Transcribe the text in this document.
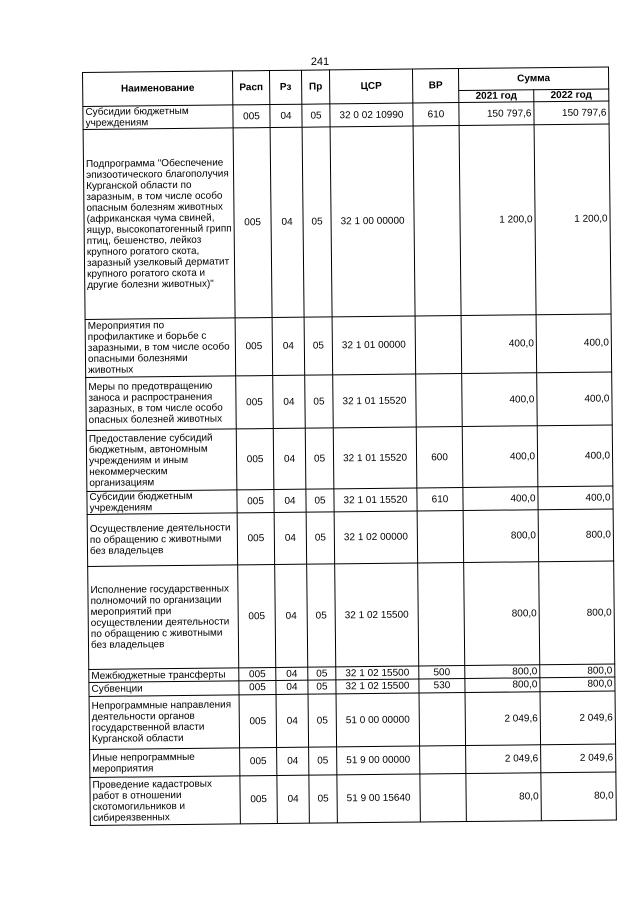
241
Наименование	Расп	Рз	Пр	ЦСР	ВР	Сумма	
						2021 год	2022 год
Субсидии бюджетным учреждениям	005	04	05	32 0 02 10990	610	150 797,6	150 797,6
Подпрограмма "Обеспечение эпизоотического благополучия Курганской области по заразным, в том числе особо опасным болезням животных (африканская чума свиней, ящур, высокопатогенный грипп птиц, бешенство, лейкоз крупного рогатого скота, заразный узелковый дерматит крупного рогатого скота и другие болезни животных)"	005	04	05	32 1 00 00000		1 200,0	1 200,0
Мероприятия по профилактике и борьбе с заразными, в том числе особо опасными болезнями животных	005	04	05	32 1 01 00000		400,0	400,0
Меры по предотвращению заноса и распространения заразных, в том числе особо опасных болезней животных	005	04	05	32 1 01 15520		400,0	400,0
Предоставление субсидий бюджетным, автономным учреждениям и иным некоммерческим организациям	005	04	05	32 1 01 15520	600	400,0	400,0
Субсидии бюджетным учреждениям	005	04	05	32 1 01 15520	610	400,0	400,0
Осуществление деятельности по обращению с животными без владельцев	005	04	05	32 1 02 00000		800,0	800,0
Исполнение государственных полномочий по организации мероприятий при осуществлении деятельности по обращению с животными без владельцев	005	04	05	32 1 02 15500		800,0	800,0
Межбюджетные трансферты	005	04	05	32 1 02 15500	500	800,0	800,0
Субвенции	005	04	05	32 1 02 15500	530	800,0	800,0
Непрограммные направления деятельности органов государственной власти Курганской области	005	04	05	51 0 00 00000		2 049,6	2 049,6
Иные непрограммные мероприятия	005	04	05	51 9 00 00000		2 049,6	2 049,6
Проведение кадастровых работ в отношении скотомогильников и сибиреязвенных	005	04	05	51 9 00 15640		80,0	80,0
